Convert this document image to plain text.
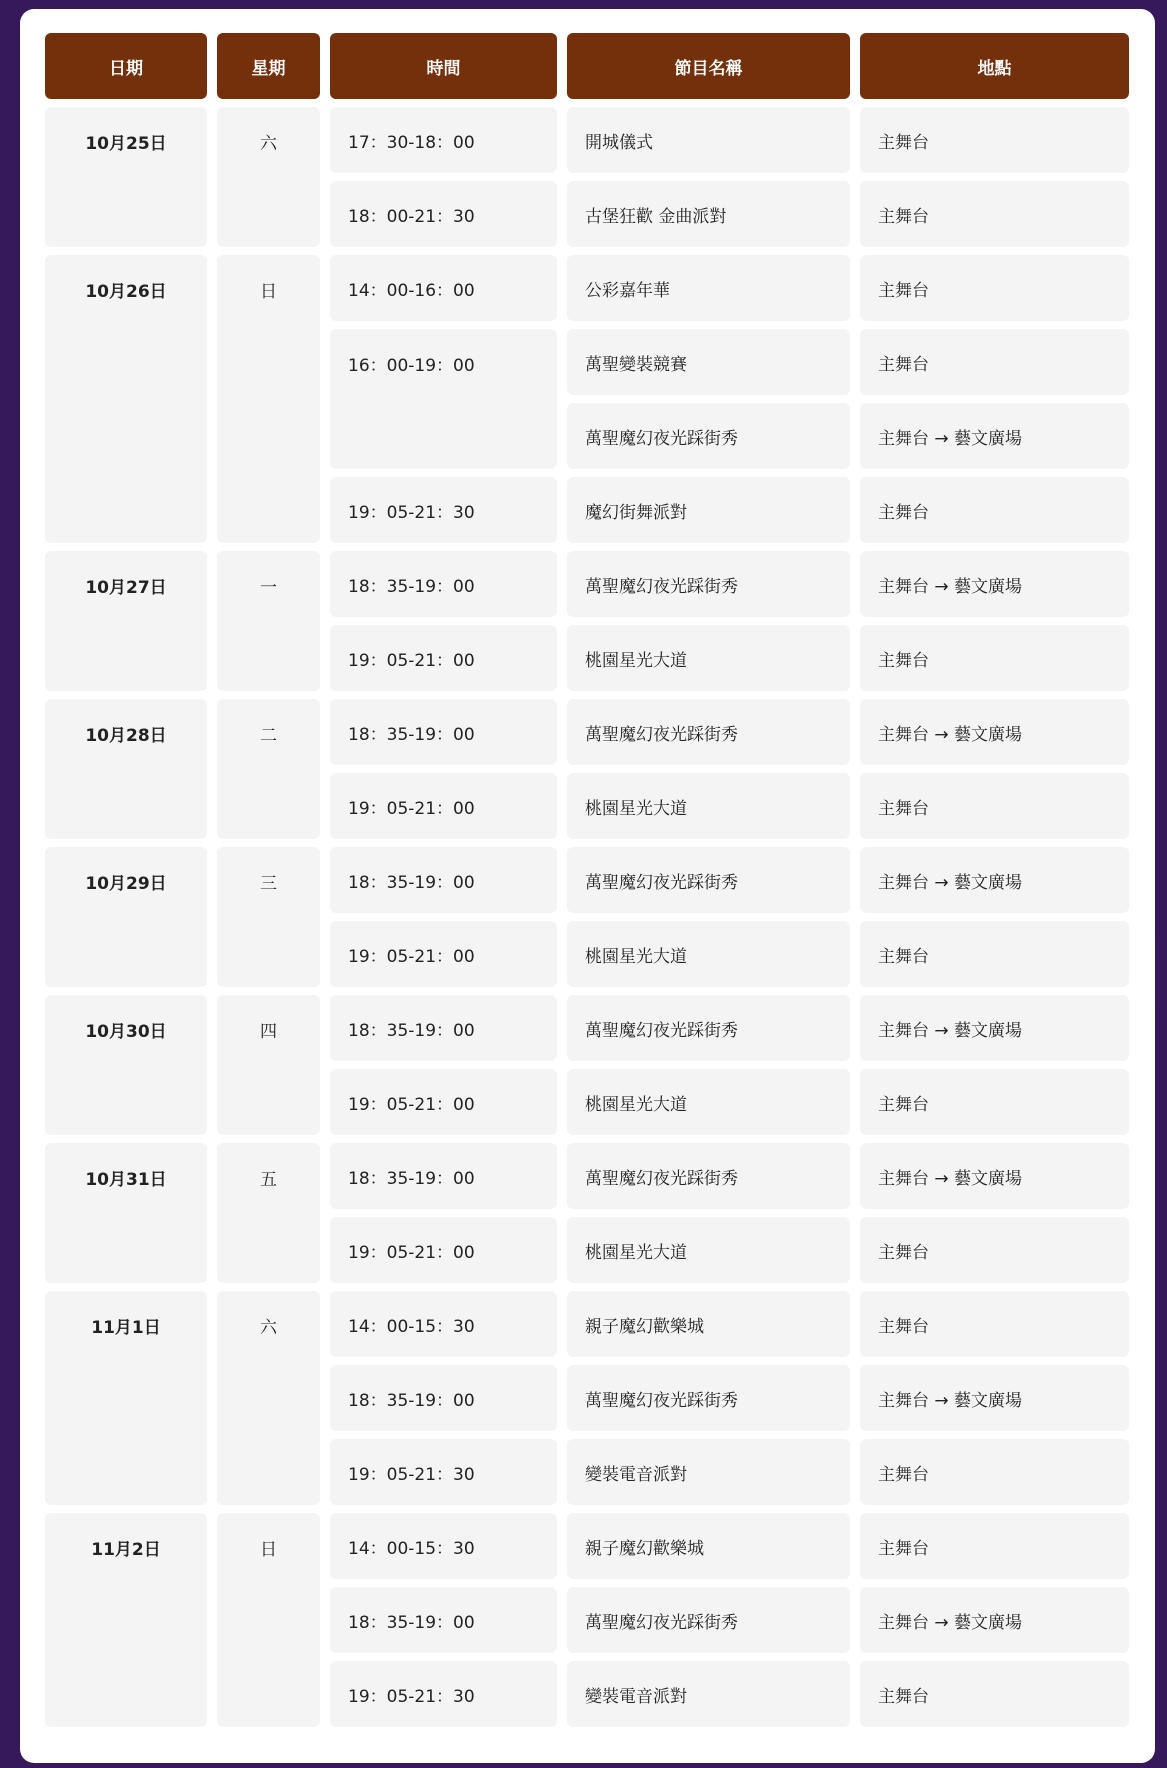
日期	星期	時間	節目名稱	地點
10月25日	六	17：30-18：00	開城儀式	主舞台
18：00-21：30	古堡狂歡 金曲派對	主舞台
10月26日	日	14：00-16：00	公彩嘉年華	主舞台
16：00-19：00	萬聖變裝競賽	主舞台
萬聖魔幻夜光踩街秀	主舞台 → 藝文廣場
19：05-21：30	魔幻街舞派對	主舞台
10月27日	一	18：35-19：00	萬聖魔幻夜光踩街秀	主舞台 → 藝文廣場
19：05-21：00	桃園星光大道	主舞台
10月28日	二	18：35-19：00	萬聖魔幻夜光踩街秀	主舞台 → 藝文廣場
19：05-21：00	桃園星光大道	主舞台
10月29日	三	18：35-19：00	萬聖魔幻夜光踩街秀	主舞台 → 藝文廣場
19：05-21：00	桃園星光大道	主舞台
10月30日	四	18：35-19：00	萬聖魔幻夜光踩街秀	主舞台 → 藝文廣場
19：05-21：00	桃園星光大道	主舞台
10月31日	五	18：35-19：00	萬聖魔幻夜光踩街秀	主舞台 → 藝文廣場
19：05-21：00	桃園星光大道	主舞台
11月1日	六	14：00-15：30	親子魔幻歡樂城	主舞台
18：35-19：00	萬聖魔幻夜光踩街秀	主舞台 → 藝文廣場
19：05-21：30	變裝電音派對	主舞台
11月2日	日	14：00-15：30	親子魔幻歡樂城	主舞台
18：35-19：00	萬聖魔幻夜光踩街秀	主舞台 → 藝文廣場
19：05-21：30	變裝電音派對	主舞台
